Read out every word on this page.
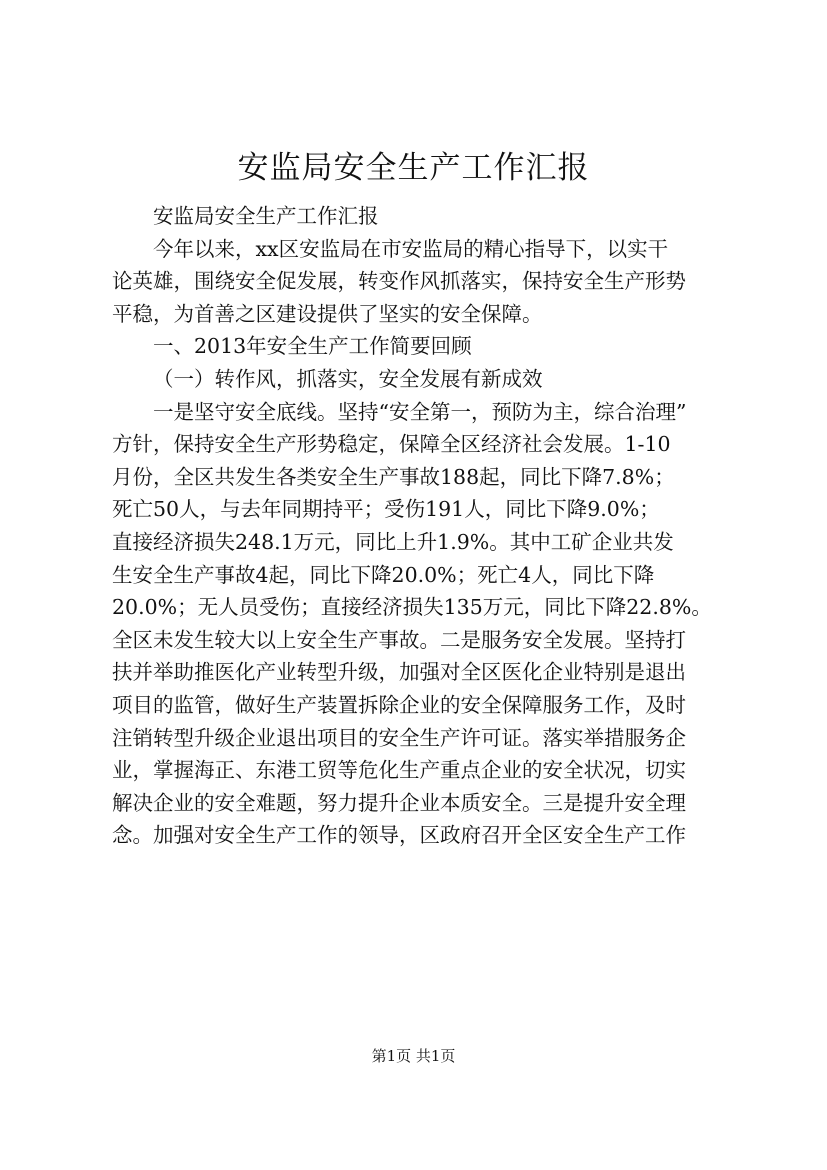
安监局安全生产工作汇报
安监局安全生产工作汇报
今年以来，xx区安监局在市安监局的精心指导下，以实干
论英雄，围绕安全促发展，转变作风抓落实，保持安全生产形势
平稳，为首善之区建设提供了坚实的安全保障。
一、2013年安全生产工作简要回顾
（一）转作风，抓落实，安全发展有新成效
一是坚守安全底线。坚持“安全第一，预防为主，综合治理”
方针，保持安全生产形势稳定，保障全区经济社会发展。1-10
月份，全区共发生各类安全生产事故188起，同比下降7.8%；
死亡50人，与去年同期持平；受伤191人，同比下降9.0%；
直接经济损失248.1万元，同比上升1.9%。其中工矿企业共发
生安全生产事故4起，同比下降20.0%；死亡4人，同比下降
20.0%；无人员受伤；直接经济损失135万元，同比下降22.8%。
全区未发生较大以上安全生产事故。二是服务安全发展。坚持打
扶并举助推医化产业转型升级，加强对全区医化企业特别是退出
项目的监管，做好生产装置拆除企业的安全保障服务工作，及时
注销转型升级企业退出项目的安全生产许可证。落实举措服务企
业，掌握海正、东港工贸等危化生产重点企业的安全状况，切实
解决企业的安全难题，努力提升企业本质安全。三是提升安全理
念。加强对安全生产工作的领导，区政府召开全区安全生产工作
第1页 共1页
